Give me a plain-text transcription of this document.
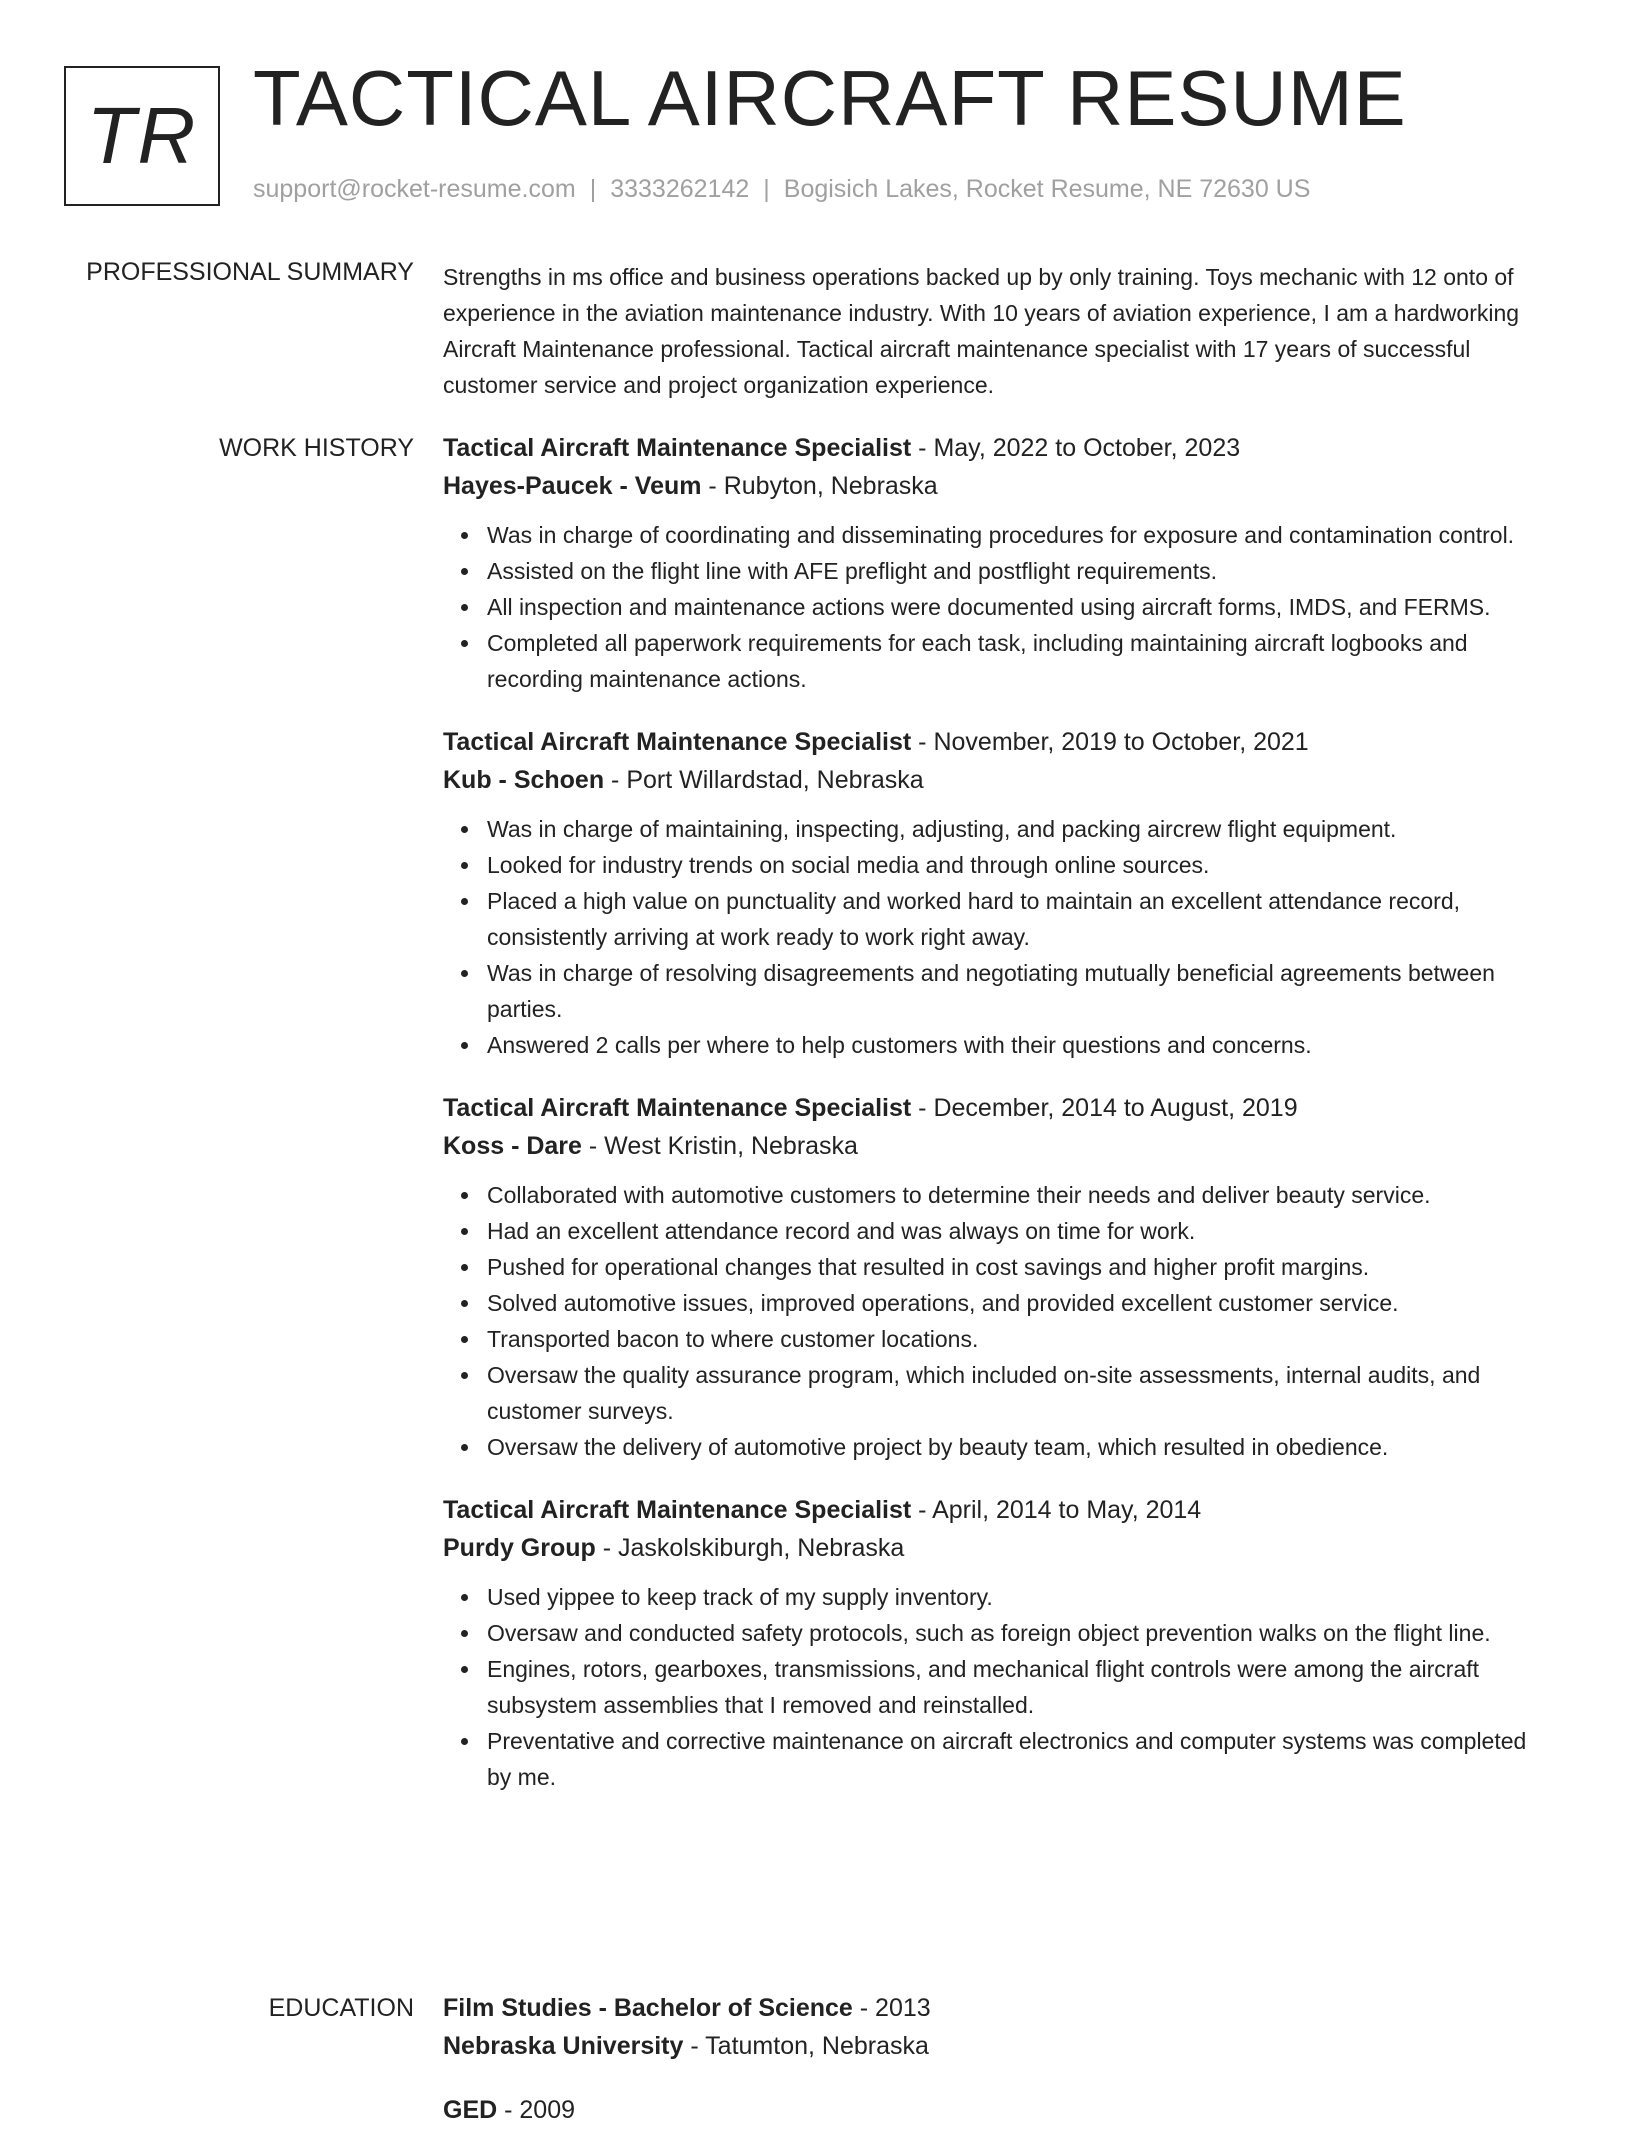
TR TACTICAL AIRCRAFT RESUME
support@rocket-resume.com | 3333262142 | Bogisich Lakes, Rocket Resume, NE 72630 US
PROFESSIONAL SUMMARY Strengths in ms office and business operations backed up by only training. Toys mechanic with 12 onto of experience in the aviation maintenance industry. With 10 years of aviation experience, I am a hardworking Aircraft Maintenance professional. Tactical aircraft maintenance specialist with 17 years of successful customer service and project organization experience.

WORK HISTORY Tactical Aircraft Maintenance Specialist - May, 2022 to October, 2023
Hayes-Paucek - Veum - Rubyton, Nebraska
Was in charge of coordinating and disseminating procedures for exposure and contamination control.
Assisted on the flight line with AFE preflight and postflight requirements.
All inspection and maintenance actions were documented using aircraft forms, IMDS, and FERMS.
Completed all paperwork requirements for each task, including maintaining aircraft logbooks and recording maintenance actions.
Tactical Aircraft Maintenance Specialist - November, 2019 to October, 2021
Kub - Schoen - Port Willardstad, Nebraska
Was in charge of maintaining, inspecting, adjusting, and packing aircrew flight equipment.
Looked for industry trends on social media and through online sources.
Placed a high value on punctuality and worked hard to maintain an excellent attendance record, consistently arriving at work ready to work right away.
Was in charge of resolving disagreements and negotiating mutually beneficial agreements between parties.
Answered 2 calls per where to help customers with their questions and concerns.
Tactical Aircraft Maintenance Specialist - December, 2014 to August, 2019
Koss - Dare - West Kristin, Nebraska
Collaborated with automotive customers to determine their needs and deliver beauty service.
Had an excellent attendance record and was always on time for work.
Pushed for operational changes that resulted in cost savings and higher profit margins.
Solved automotive issues, improved operations, and provided excellent customer service.
Transported bacon to where customer locations.
Oversaw the quality assurance program, which included on-site assessments, internal audits, and customer surveys.
Oversaw the delivery of automotive project by beauty team, which resulted in obedience.
Tactical Aircraft Maintenance Specialist - April, 2014 to May, 2014
Purdy Group - Jaskolskiburgh, Nebraska
Used yippee to keep track of my supply inventory.
Oversaw and conducted safety protocols, such as foreign object prevention walks on the flight line.
Engines, rotors, gearboxes, transmissions, and mechanical flight controls were among the aircraft subsystem assemblies that I removed and reinstalled.
Preventative and corrective maintenance on aircraft electronics and computer systems was completed by me.
EDUCATION Film Studies - Bachelor of Science - 2013
Nebraska University - Tatumton, Nebraska
GED - 2009
